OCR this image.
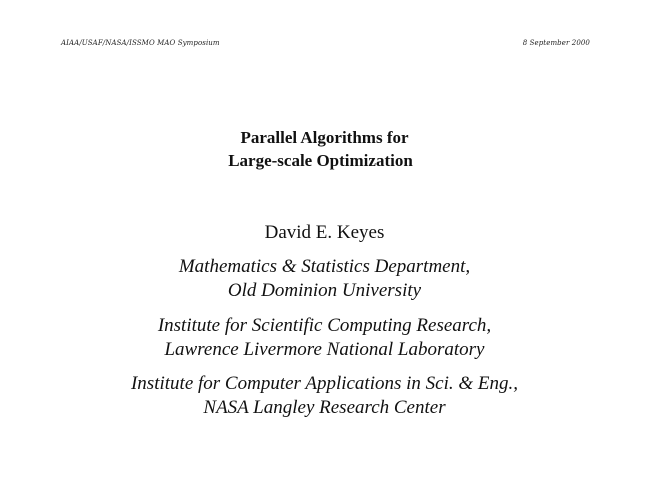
AIAA/USAF/NASA/ISSMO MAO Symposium	8 September 2000
Parallel Algorithms for
Large-scale Optimization
David E. Keyes
Mathematics & Statistics Department,
Old Dominion University
Institute for Scientific Computing Research,
Lawrence Livermore National Laboratory
Institute for Computer Applications in Sci. & Eng.,
NASA Langley Research Center
